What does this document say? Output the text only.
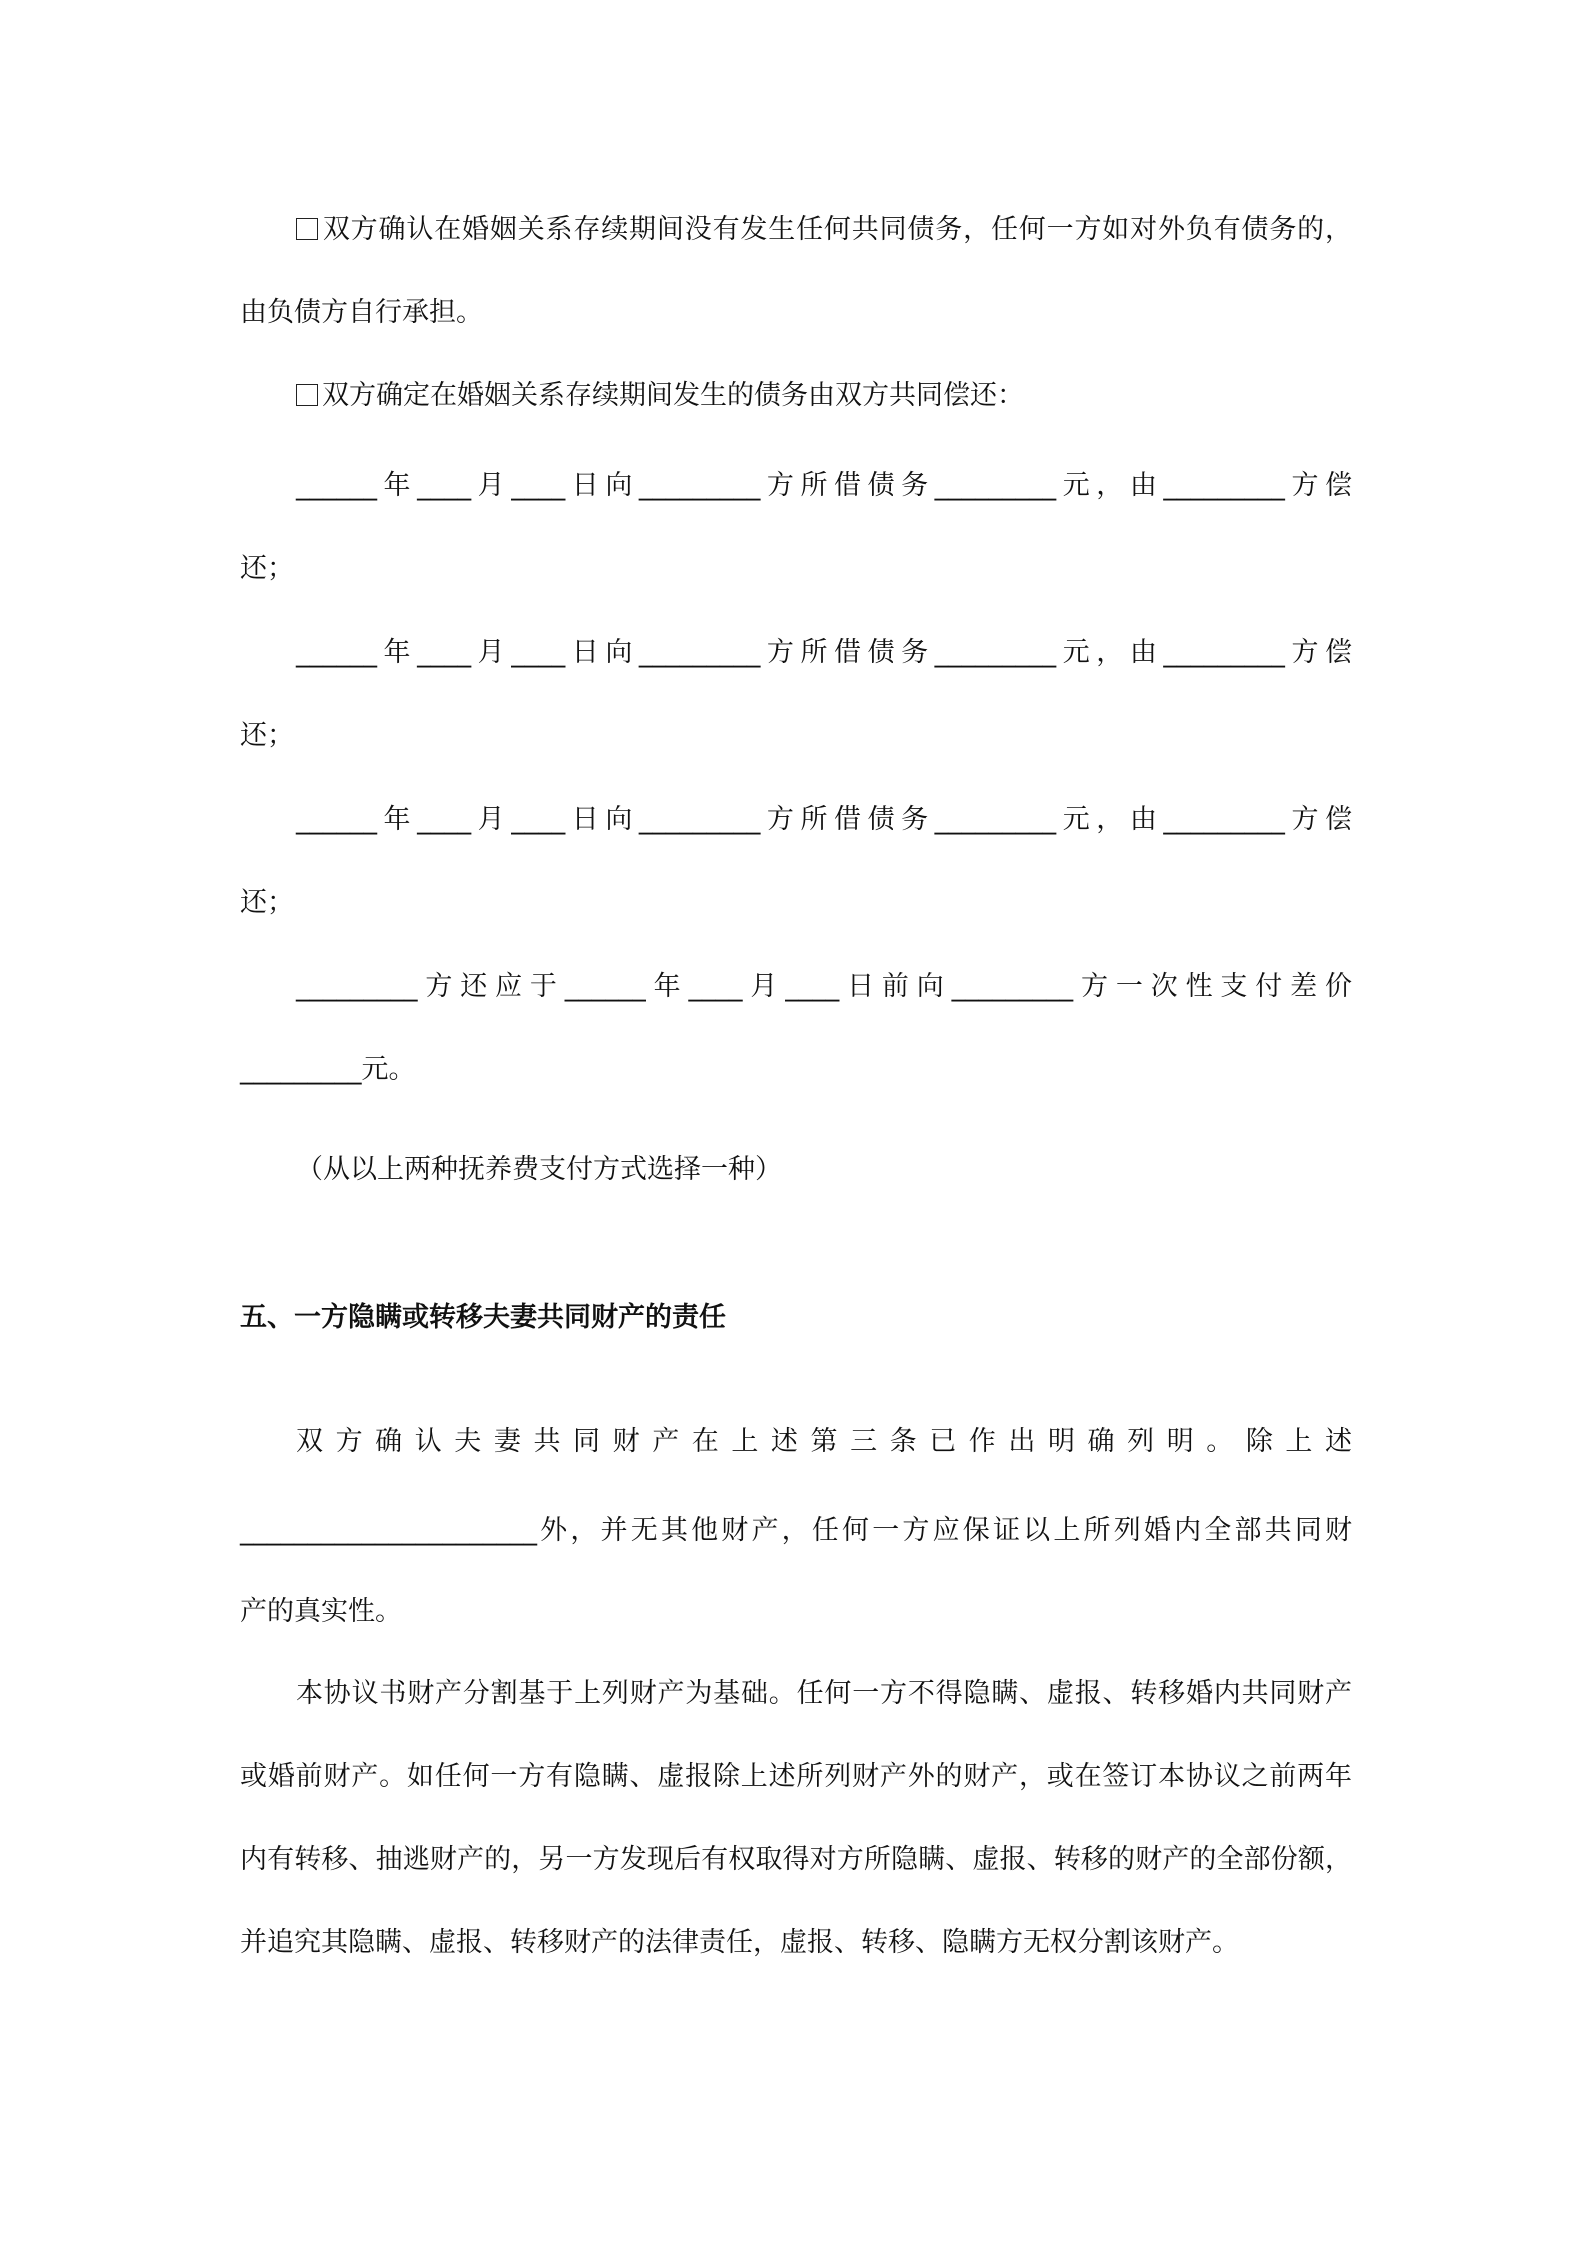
双方确认在婚姻关系存续期间没有发生任何共同债务，任何一方如对外负有债务的，
由负债方自行承担。
双方确定在婚姻关系存续期间发生的债务由双方共同偿还：
______年____月____日向_________方所借债务_________元，由_________方偿
还；
______年____月____日向_________方所借债务_________元，由_________方偿
还；
______年____月____日向_________方所借债务_________元，由_________方偿
还；
_________方还应于______年____月____日前向_________方一次性支付差价
_________元。
（从以上两种抚养费支付方式选择一种）
五、一方隐瞒或转移夫妻共同财产的责任
双方确认夫妻共同财产在上述第三条已作出明确列明。除上述
______________________外，并无其他财产，任何一方应保证以上所列婚内全部共同财
产的真实性。
本协议书财产分割基于上列财产为基础。任何一方不得隐瞒、虚报、转移婚内共同财产
或婚前财产。如任何一方有隐瞒、虚报除上述所列财产外的财产，或在签订本协议之前两年
内有转移、抽逃财产的，另一方发现后有权取得对方所隐瞒、虚报、转移的财产的全部份额，
并追究其隐瞒、虚报、转移财产的法律责任，虚报、转移、隐瞒方无权分割该财产。
